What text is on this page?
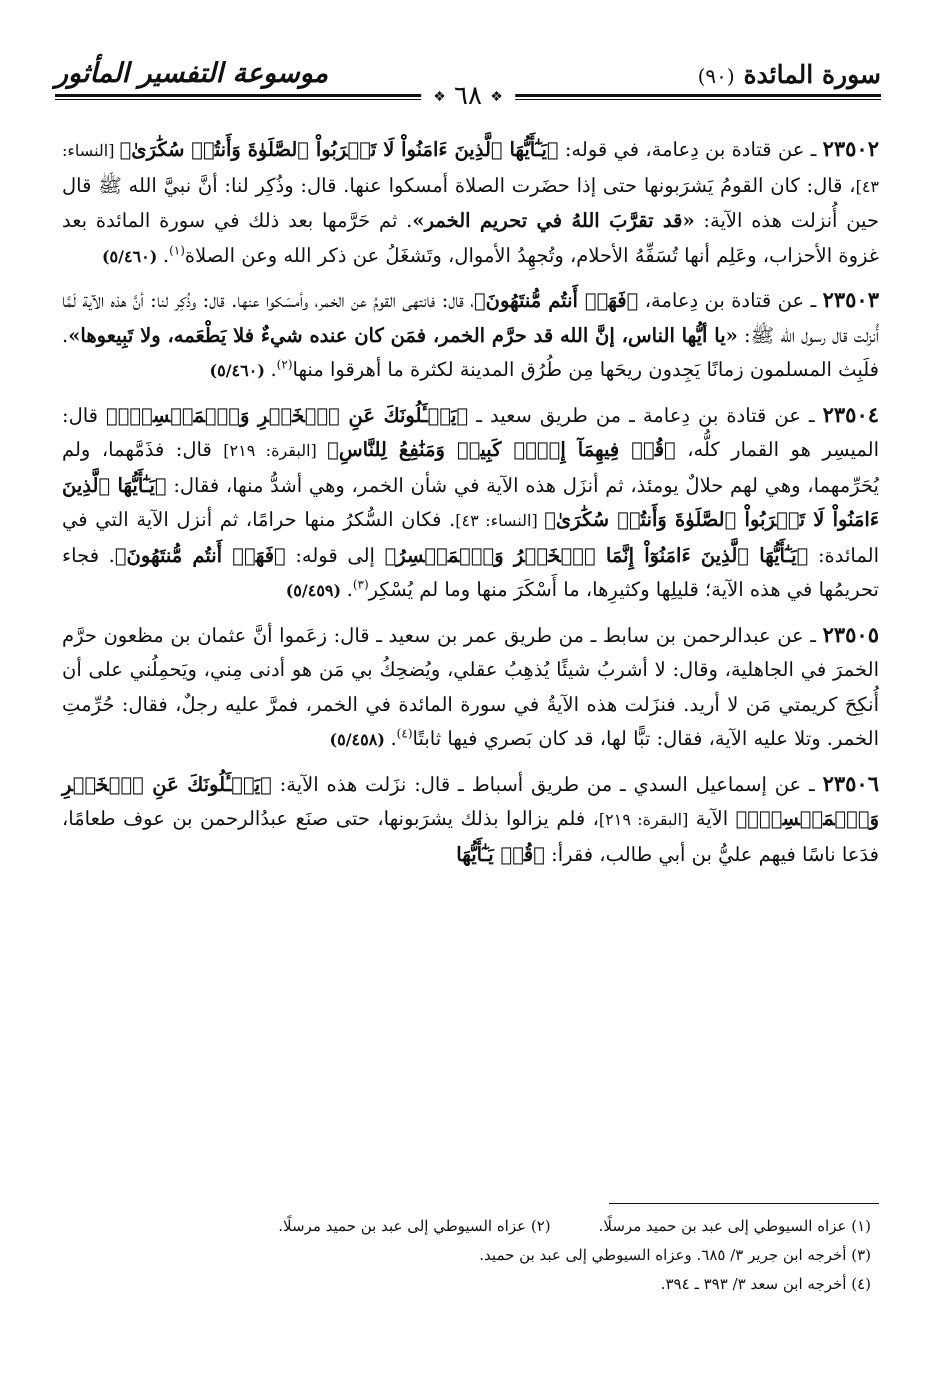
سورة المائدة (٩٠)
موسوعة التفسير المأثور
❖ ٦٨ ❖

٢٣٥٠٢ ـ عن قتادة بن دِعامة، في قوله: ﴿يَـٰٓأَيُّهَا ٱلَّذِينَ ءَامَنُواْ لَا تَقۡرَبُواْ ٱلصَّلَوٰةَ وَأَنتُمۡ سُكَٰرَىٰ﴾ [النساء: ٤٣]، قال: كان القومُ يَشرَبونها حتى إذا حضَرت الصلاة أمسكوا عنها. قال: وذُكِر لنا: أنَّ نبيَّ الله ﷺ قال حين أُنزلت هذه الآية: «قد تقرَّبَ اللهُ في تحريم الخمر». ثم حَرَّمها بعد ذلك في سورة المائدة بعد غزوة الأحزاب، وعَلِم أنها تُسَفِّهُ الأحلام، وتُجهِدُ الأموال، وتَشغَلُ عن ذكر الله وعن الصلاة$^{(١)}$. (٥/٤٦٠)

٢٣٥٠٣ ـ عن قتادة بن دِعامة، ﴿فَهَلۡ أَنتُم مُّنتَهُونَ﴾، قال: فانتهى القومُ عن الخمر، وأمسَكوا عنها. قال: وذُكِر لنا: أنَّ هذه الآية لَمَّا أُنزلت قال رسول الله ﷺ: «يا أيُّها الناس، إنَّ الله قد حرَّم الخمر، فمَن كان عنده شيءٌ فلا يَطْعَمه، ولا تَبِيعوها». فلَبِث المسلمون زمانًا يَجِدون ريحَها مِن طُرُق المدينة لكثرة ما أهرقوا منها$^{(٢)}$. (٥/٤٦٠)

٢٣٥٠٤ ـ عن قتادة بن دِعامة ـ من طريق سعيد ـ ﴿يَسۡـَٔلُونَكَ عَنِ ٱلۡخَمۡرِ وَٱلۡمَيۡسِرِۖ﴾ قال: الميسِر هو القمار كلُّه، ﴿قُلۡ فِيهِمَآ إِثۡمٞ كَبِيرٞ وَمَنَٰفِعُ لِلنَّاسِ﴾ [البقرة: ٢١٩] قال: فذَمَّهما، ولم يُحَرِّمهما، وهي لهم حلالٌ يومئذ، ثم أنزَل هذه الآية في شأن الخمر، وهي أشدُّ منها، فقال: ﴿يَـٰٓأَيُّهَا ٱلَّذِينَ ءَامَنُواْ لَا تَقۡرَبُواْ ٱلصَّلَوٰةَ وَأَنتُمۡ سُكَٰرَىٰ﴾ [النساء: ٤٣]. فكان السُّكرُ منها حرامًا، ثم أنزل الآية التي في المائدة: ﴿يَـٰٓأَيُّهَا ٱلَّذِينَ ءَامَنُوٓاْ إِنَّمَا ٱلۡخَمۡرُ وَٱلۡمَيۡسِرُ﴾ إلى قوله: ﴿فَهَلۡ أَنتُم مُّنتَهُونَ﴾. فجاء تحريمُها في هذه الآية؛ قليلِها وكثيرِها، ما أَسْكَرَ منها وما لم يُسْكِر$^{(٣)}$. (٥/٤٥٩)

٢٣٥٠٥ ـ عن عبدالرحمن بن سابط ـ من طريق عمر بن سعيد ـ قال: زعَموا أنَّ عثمان بن مظعون حرَّم الخمرَ في الجاهلية، وقال: لا أشربُ شيئًا يُذهِبُ عقلي، ويُضحِكُ بي مَن هو أدنى مِني، ويَحمِلُني على أن أُنكِحَ كريمتي مَن لا أريد. فنزَلت هذه الآيةُ في سورة المائدة في الخمر، فمرَّ عليه رجلٌ، فقال: حُرِّمتِ الخمر. وتلا عليه الآية، فقال: تبًّا لها، قد كان بَصري فيها ثابتًا$^{(٤)}$. (٥/٤٥٨)

٢٣٥٠٦ ـ عن إسماعيل السدي ـ من طريق أسباط ـ قال: نزَلت هذه الآية: ﴿يَسۡـَٔلُونَكَ عَنِ ٱلۡخَمۡرِ وَٱلۡمَيۡسِرِۖ﴾ الآية [البقرة: ٢١٩]، فلم يزالوا بذلك يشرَبونها، حتى صنَع عبدُالرحمن بن عوف طعامًا، فدَعا ناسًا فيهم عليُّ بن أبي طالب، فقرأ: ﴿قُلۡ يَـٰٓأَيُّهَا

(١) عزاه السيوطي إلى عبد بن حميد مرسلًا.
(٢) عزاه السيوطي إلى عبد بن حميد مرسلًا.
(٣) أخرجه ابن جرير ٣/ ٦٨٥. وعزاه السيوطي إلى عبد بن حميد.
(٤) أخرجه ابن سعد ٣/ ٣٩٣ ـ ٣٩٤.
